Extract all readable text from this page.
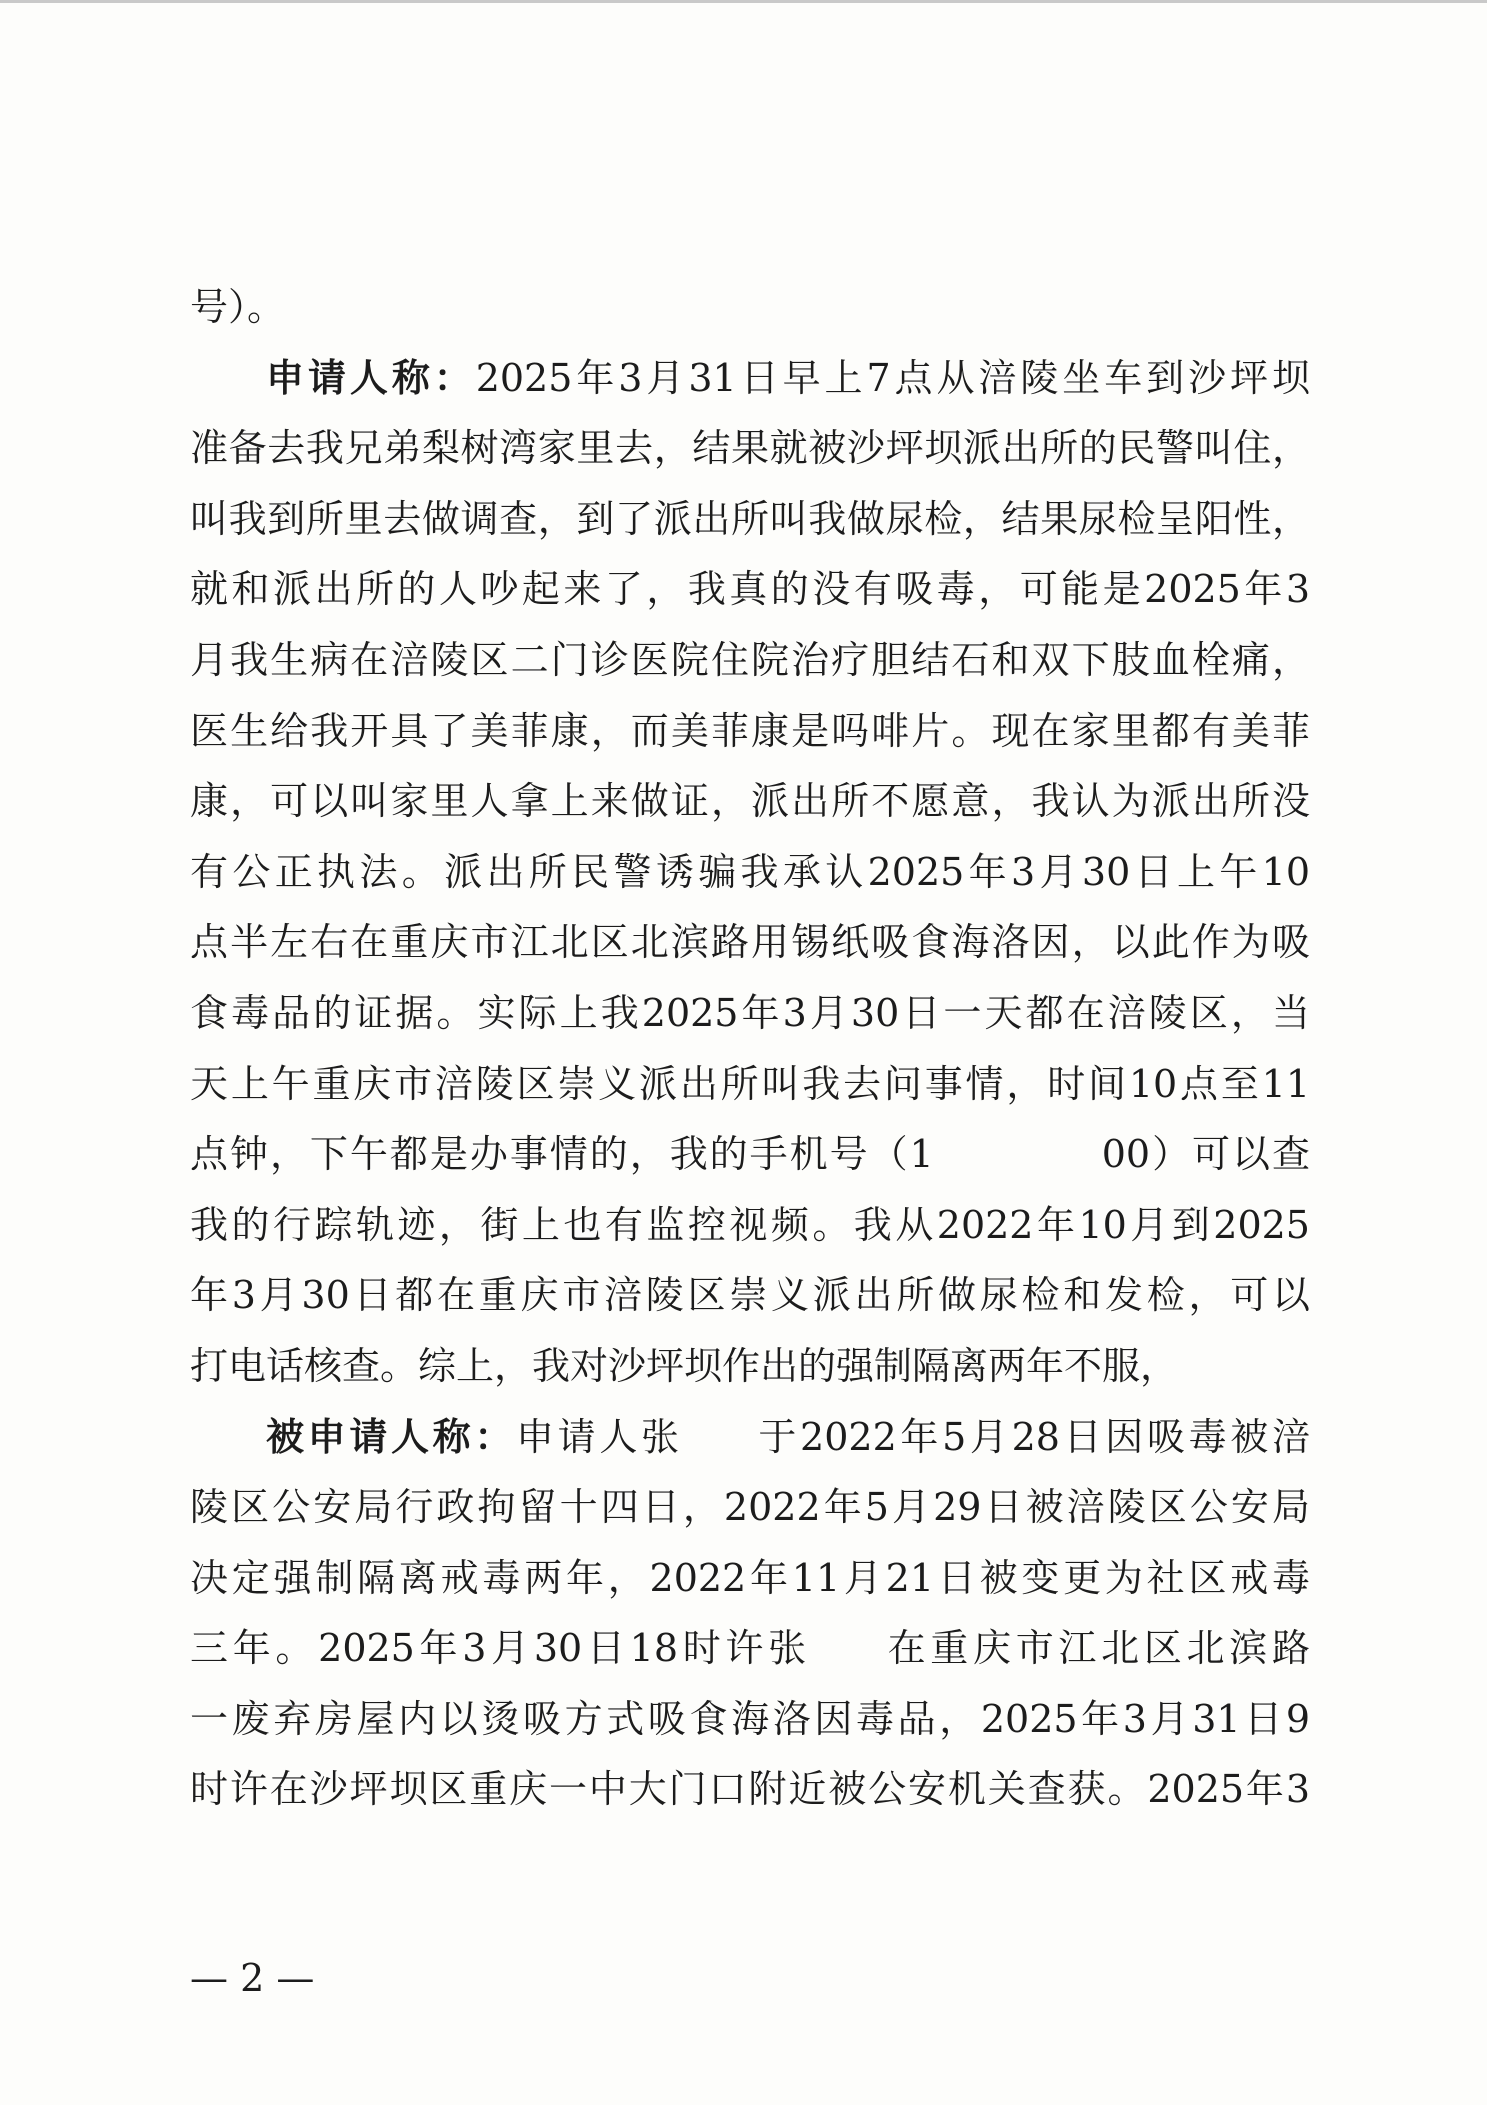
号）。
申请人称：2025年3月31日早上7点从涪陵坐车到沙坪坝
准备去我兄弟梨树湾家里去，结果就被沙坪坝派出所的民警叫住，
叫我到所里去做调查，到了派出所叫我做尿检，结果尿检呈阳性，
就和派出所的人吵起来了，我真的没有吸毒，可能是2025年3
月我生病在涪陵区二门诊医院住院治疗胆结石和双下肢血栓痛，
医生给我开具了美菲康，而美菲康是吗啡片。现在家里都有美菲
康，可以叫家里人拿上来做证，派出所不愿意，我认为派出所没
有公正执法。派出所民警诱骗我承认2025年3月30日上午10
点半左右在重庆市江北区北滨路用锡纸吸食海洛因，以此作为吸
食毒品的证据。实际上我2025年3月30日一天都在涪陵区，当
天上午重庆市涪陵区崇义派出所叫我去问事情，时间10点至11
点钟，下午都是办事情的，我的手机号（1	00）可以查
我的行踪轨迹，街上也有监控视频。我从2022年10月到2025
年3月30日都在重庆市涪陵区崇义派出所做尿检和发检，可以
打电话核查。综上，我对沙坪坝作出的强制隔离两年不服，
被申请人称：申请人张 于2022年5月28日因吸毒被涪
陵区公安局行政拘留十四日，2022年5月29日被涪陵区公安局
决定强制隔离戒毒两年，2022年11月21日被变更为社区戒毒
三年。2025年3月30日18时许张 在重庆市江北区北滨路
一废弃房屋内以烫吸方式吸食海洛因毒品，2025年3月31日9
时许在沙坪坝区重庆一中大门口附近被公安机关查获。2025年3
— 2 —
